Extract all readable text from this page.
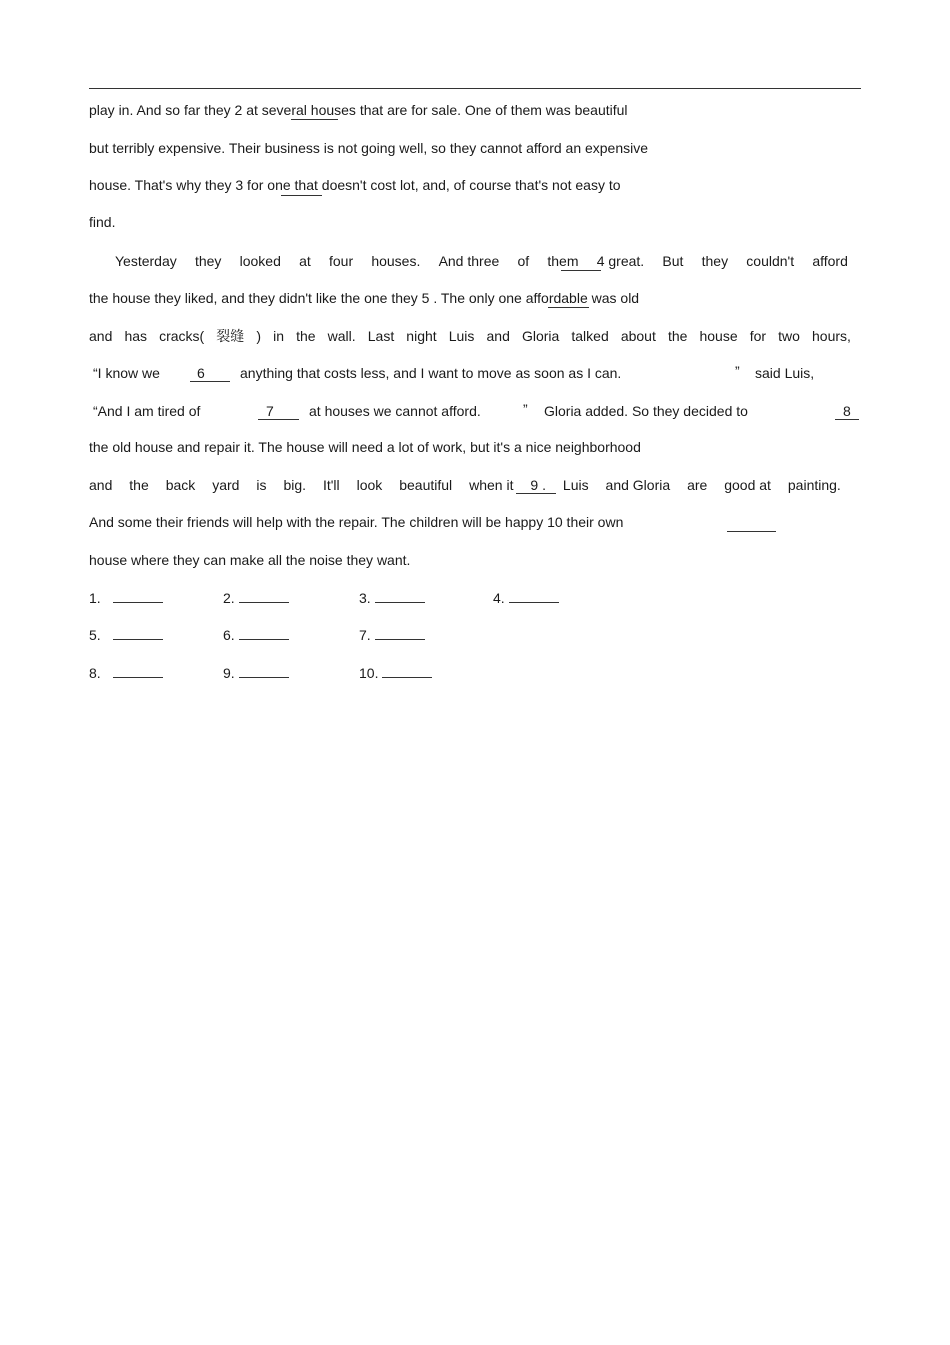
play in. And so far they 2 at several houses that are for sale. One of them was beautiful
but terribly expensive. Their business is not going well, so they cannot afford an expensive
house. That's why they 3 for one that doesn't cost lot, and, of course that's not easy to
find.
Yesterday they looked at four houses. And three of them 4 great. But they couldn't afford
the house they liked, and they didn't like the one they 5 . The only one affordable was old
and has cracks( 裂缝 ) in the wall. Last night Luis and Gloria talked about the house for two hours,
“I know we	6	anything that costs less, and I want to move as soon as I can.	” said Luis,
“And I am tired of	7	at houses we cannot afford.	” Gloria added. So they decided to	8
the old house and repair it. The house will need a lot of work, but it's a nice neighborhood
and the back yard is big. It'll look beautiful when it 9 . Luis and Gloria are good at painting.
And some their friends will help with the repair. The children will be happy 10 their own
house where they can make all the noise they want.
1.	2.	3.	4.
5.	6.	7.
8.	9.	10.
